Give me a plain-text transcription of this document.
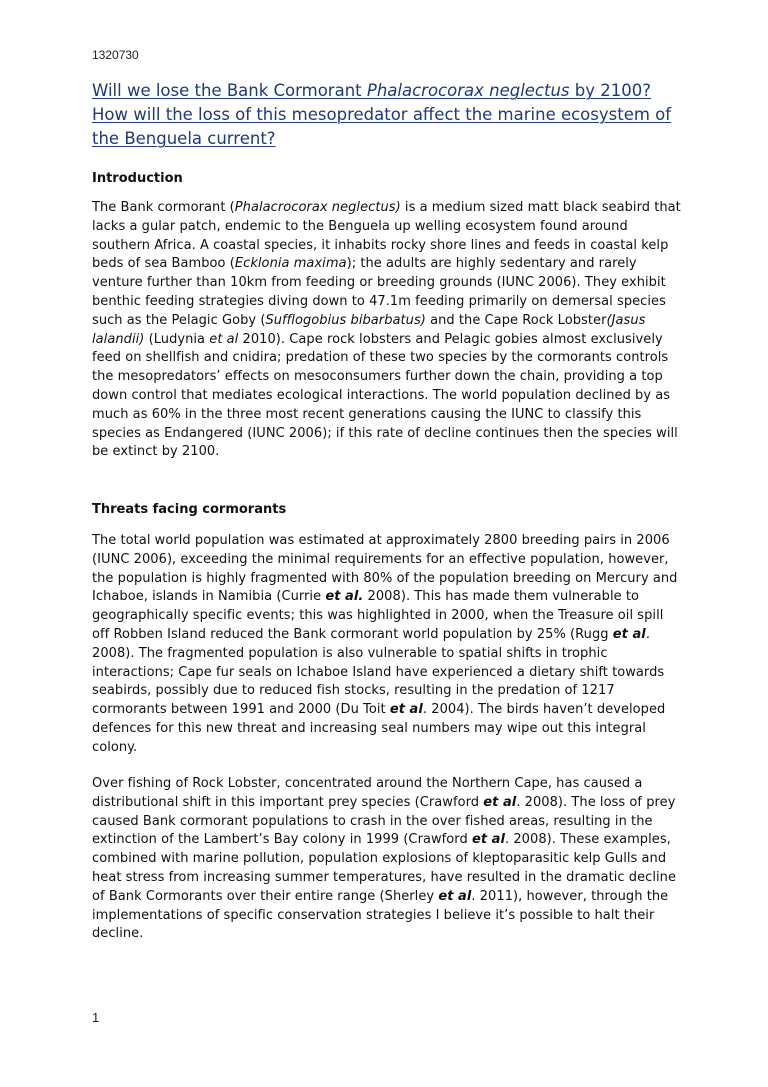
1320730
Will we lose the Bank Cormorant Phalacrocorax neglectus by 2100?
How will the loss of this mesopredator affect the marine ecosystem of
the Benguela current?
Introduction

The Bank cormorant (Phalacrocorax neglectus) is a medium sized matt black seabird that lacks a gular patch, endemic to the Benguela up welling ecosystem found around southern Africa. A coastal species, it inhabits rocky shore lines and feeds in coastal kelp beds of sea Bamboo (Ecklonia maxima); the adults are highly sedentary and rarely venture further than 10km from feeding or breeding grounds (IUNC 2006). They exhibit benthic feeding strategies diving down to 47.1m feeding primarily on demersal species such as the Pelagic Goby (Sufflogobius bibarbatus) and the Cape Rock Lobster(Jasus lalandii) (Ludynia et al 2010). Cape rock lobsters and Pelagic gobies almost exclusively feed on shellfish and cnidira; predation of these two species by the cormorants controls the mesopredators’ effects on mesoconsumers further down the chain, providing a top down control that mediates ecological interactions. The world population declined by as much as 60% in the three most recent generations causing the IUNC to classify this species as Endangered (IUNC 2006); if this rate of decline continues then the species will be extinct by 2100.

Threats facing cormorants

The total world population was estimated at approximately 2800 breeding pairs in 2006 (IUNC 2006), exceeding the minimal requirements for an effective population, however, the population is highly fragmented with 80% of the population breeding on Mercury and Ichaboe, islands in Namibia (Currie et al. 2008). This has made them vulnerable to geographically specific events; this was highlighted in 2000, when the Treasure oil spill off Robben Island reduced the Bank cormorant world population by 25% (Rugg et al. 2008). The fragmented population is also vulnerable to spatial shifts in trophic interactions; Cape fur seals on Ichaboe Island have experienced a dietary shift towards seabirds, possibly due to reduced fish stocks, resulting in the predation of 1217 cormorants between 1991 and 2000 (Du Toit et al. 2004). The birds haven’t developed defences for this new threat and increasing seal numbers may wipe out this integral colony.

Over fishing of Rock Lobster, concentrated around the Northern Cape, has caused a distributional shift in this important prey species (Crawford et al. 2008). The loss of prey caused Bank cormorant populations to crash in the over fished areas, resulting in the extinction of the Lambert’s Bay colony in 1999 (Crawford et al. 2008). These examples, combined with marine pollution, population explosions of kleptoparasitic kelp Gulls and heat stress from increasing summer temperatures, have resulted in the dramatic decline of Bank Cormorants over their entire range (Sherley et al. 2011), however, through the implementations of specific conservation strategies I believe it’s possible to halt their decline.

1
